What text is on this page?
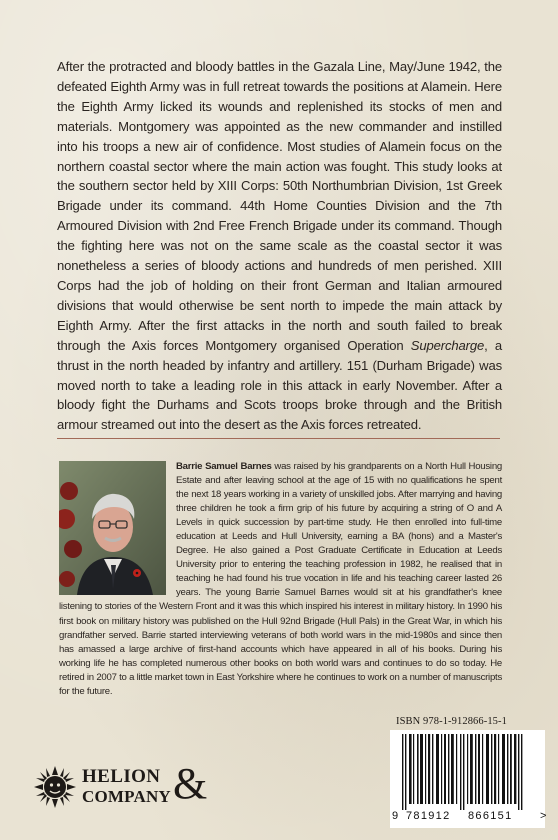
After the protracted and bloody battles in the Gazala Line, May/June 1942, the defeated Eighth Army was in full retreat towards the positions at Alamein. Here the Eighth Army licked its wounds and replenished its stocks of men and materials. Montgomery was appointed as the new commander and instilled into his troops a new air of confidence. Most studies of Alamein focus on the northern coastal sector where the main action was fought. This study looks at the southern sector held by XIII Corps: 50th Northumbrian Division, 1st Greek Brigade under its command. 44th Home Counties Division and the 7th Armoured Division with 2nd Free French Brigade under its command. Though the fighting here was not on the same scale as the coastal sector it was nonetheless a series of bloody actions and hundreds of men perished. XIII Corps had the job of holding on their front German and Italian armoured divisions that would otherwise be sent north to impede the main attack by Eighth Army. After the first attacks in the north and south failed to break through the Axis forces Montgomery organised Operation Supercharge, a thrust in the north headed by infantry and artillery. 151 (Durham Brigade) was moved north to take a leading role in this attack in early November. After a bloody fight the Durhams and Scots troops broke through and the British armour streamed out into the desert as the Axis forces retreated.

Barrie Samuel Barnes was raised by his grandparents on a North Hull Housing Estate and after leaving school at the age of 15 with no qualifications he spent the next 18 years working in a variety of unskilled jobs. After marrying and having three children he took a firm grip of his future by acquiring a string of O and A Levels in quick succession by part-time study. He then enrolled into full-time education at Leeds and Hull University, earning a BA (hons) and a Master's Degree. He also gained a Post Graduate Certificate in Education at Leeds University prior to entering the teaching profession in 1982, he realised that in teaching he had found his true vocation in life and his teaching career lasted 26 years. The young Barrie Samuel Barnes would sit at his grandfather's knee listening to stories of the Western Front and it was this which inspired his interest in military history. In 1990 his first book on military history was published on the Hull 92nd Brigade (Hull Pals) in the Great War, in which his grandfather served. Barrie started interviewing veterans of both world wars in the mid-1980s and since then has amassed a large archive of first-hand accounts which have appeared in all of his books. During his working life he has completed numerous other books on both world wars and continues to do so today. He retired in 2007 to a little market town in East Yorkshire where he continues to work on a number of manuscripts for the future.

HELION
COMPANY &
ISBN 978-1-912866-15-1
9 781912 866151 >
